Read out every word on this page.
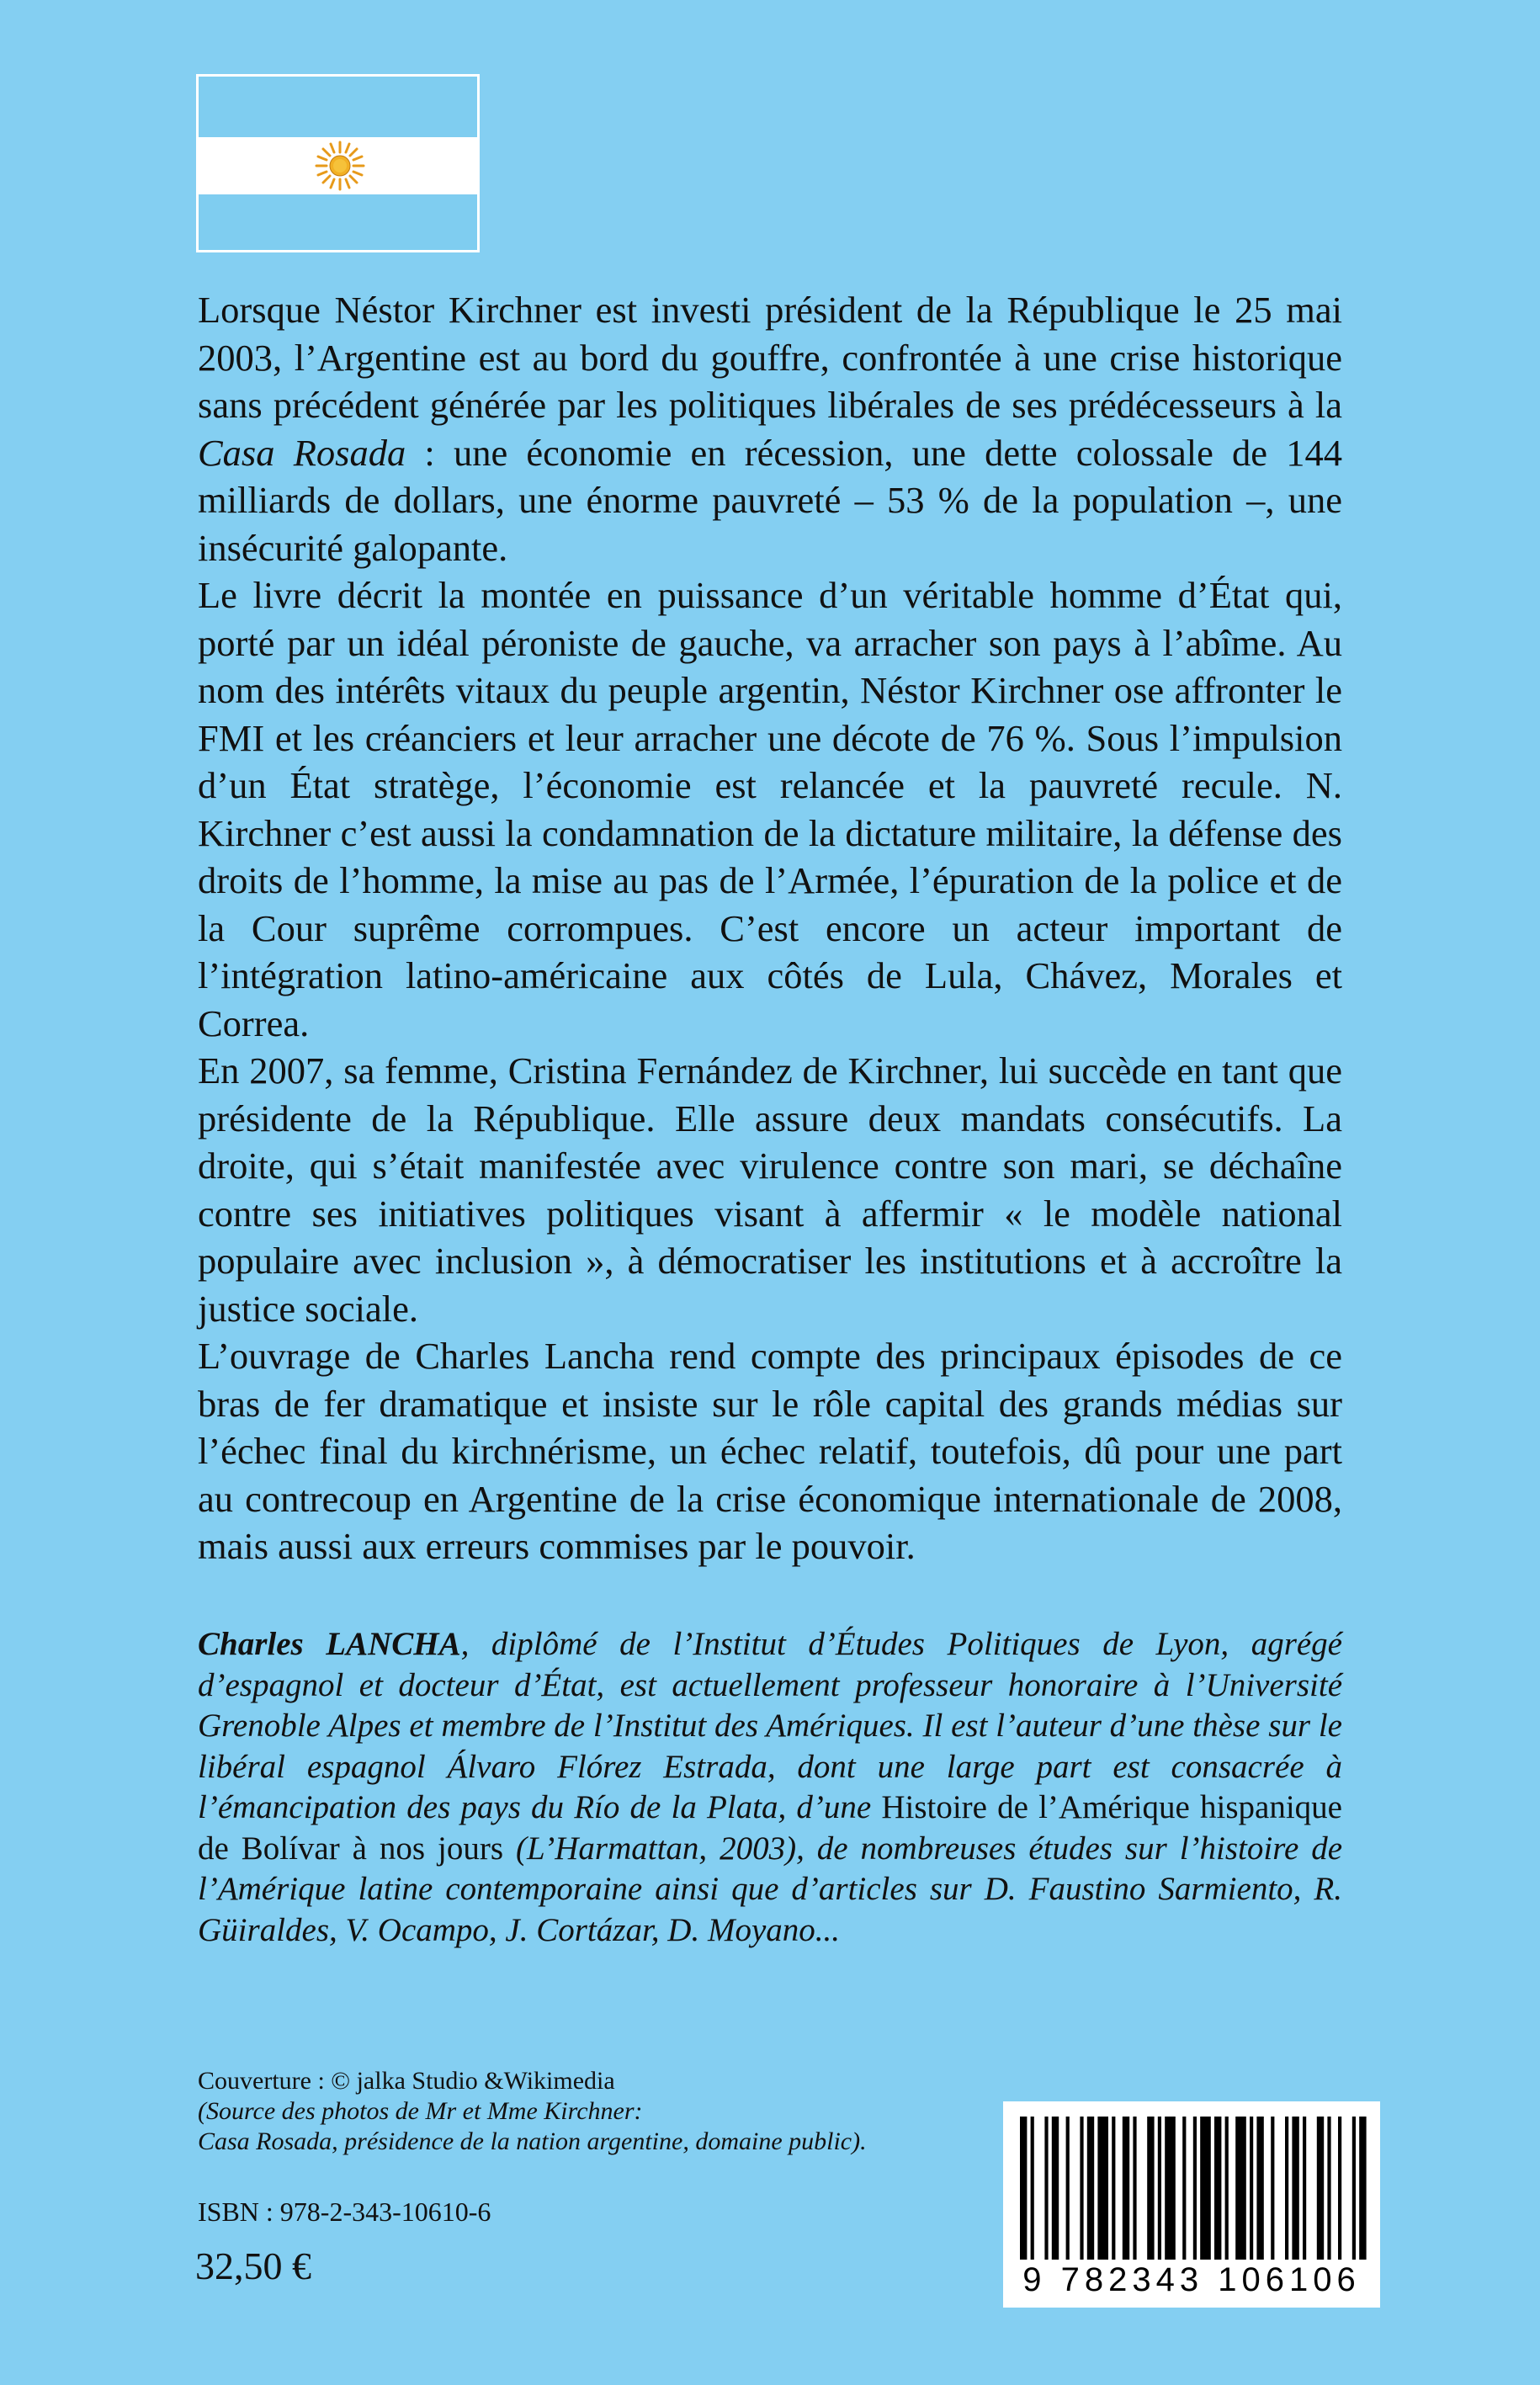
Lorsque Néstor Kirchner est investi président de la République le 25 mai 2003, l’Argentine est au bord du gouffre, confrontée à une crise historique sans précédent générée par les politiques libérales de ses prédécesseurs à la Casa Rosada : une économie en récession, une dette colossale de 144 milliards de dollars, une énorme pauvreté – 53 % de la population –, une insécurité galopante.

Le livre décrit la montée en puissance d’un véritable homme d’État qui, porté par un idéal péroniste de gauche, va arracher son pays à l’abîme. Au nom des intérêts vitaux du peuple argentin, Néstor Kirchner ose affronter le FMI et les créanciers et leur arracher une décote de 76 %. Sous l’impulsion d’un État stratège, l’économie est relancée et la pauvreté recule. N. Kirchner c’est aussi la condamnation de la dictature militaire, la défense des droits de l’homme, la mise au pas de l’Armée, l’épuration de la police et de la Cour suprême corrompues. C’est encore un acteur important de l’intégration latino-américaine aux côtés de Lula, Chávez, Morales et Correa.

En 2007, sa femme, Cristina Fernández de Kirchner, lui succède en tant que présidente de la République. Elle assure deux mandats consécutifs. La droite, qui s’était manifestée avec virulence contre son mari, se déchaîne contre ses initiatives politiques visant à affermir « le modèle national populaire avec inclusion », à démocratiser les institutions et à accroître la justice sociale.

L’ouvrage de Charles Lancha rend compte des principaux épisodes de ce bras de fer dramatique et insiste sur le rôle capital des grands médias sur l’échec final du kirchnérisme, un échec relatif, toutefois, dû pour une part au contrecoup en Argentine de la crise économique internationale de 2008, mais aussi aux erreurs commises par le pouvoir.

Charles LANCHA, diplômé de l’Institut d’Études Politiques de Lyon, agrégé d’espagnol et docteur d’État, est actuellement professeur honoraire à l’Université Grenoble Alpes et membre de l’Institut des Amériques. Il est l’auteur d’une thèse sur le libéral espagnol Álvaro Flórez Estrada, dont une large part est consacrée à l’émancipation des pays du Río de la Plata, d’une Histoire de l’Amérique hispanique de Bolívar à nos jours (L’Harmattan, 2003), de nombreuses études sur l’histoire de l’Amérique latine contemporaine ainsi que d’articles sur D. Faustino Sarmiento, R. Güiraldes, V. Ocampo, J. Cortázar, D. Moyano...

Couverture : © jalka Studio &Wikimedia
(Source des photos de Mr et Mme Kirchner:
Casa Rosada, présidence de la nation argentine, domaine public).
ISBN : 978-2-343-10610-6
32,50 €	9 782343 106106
